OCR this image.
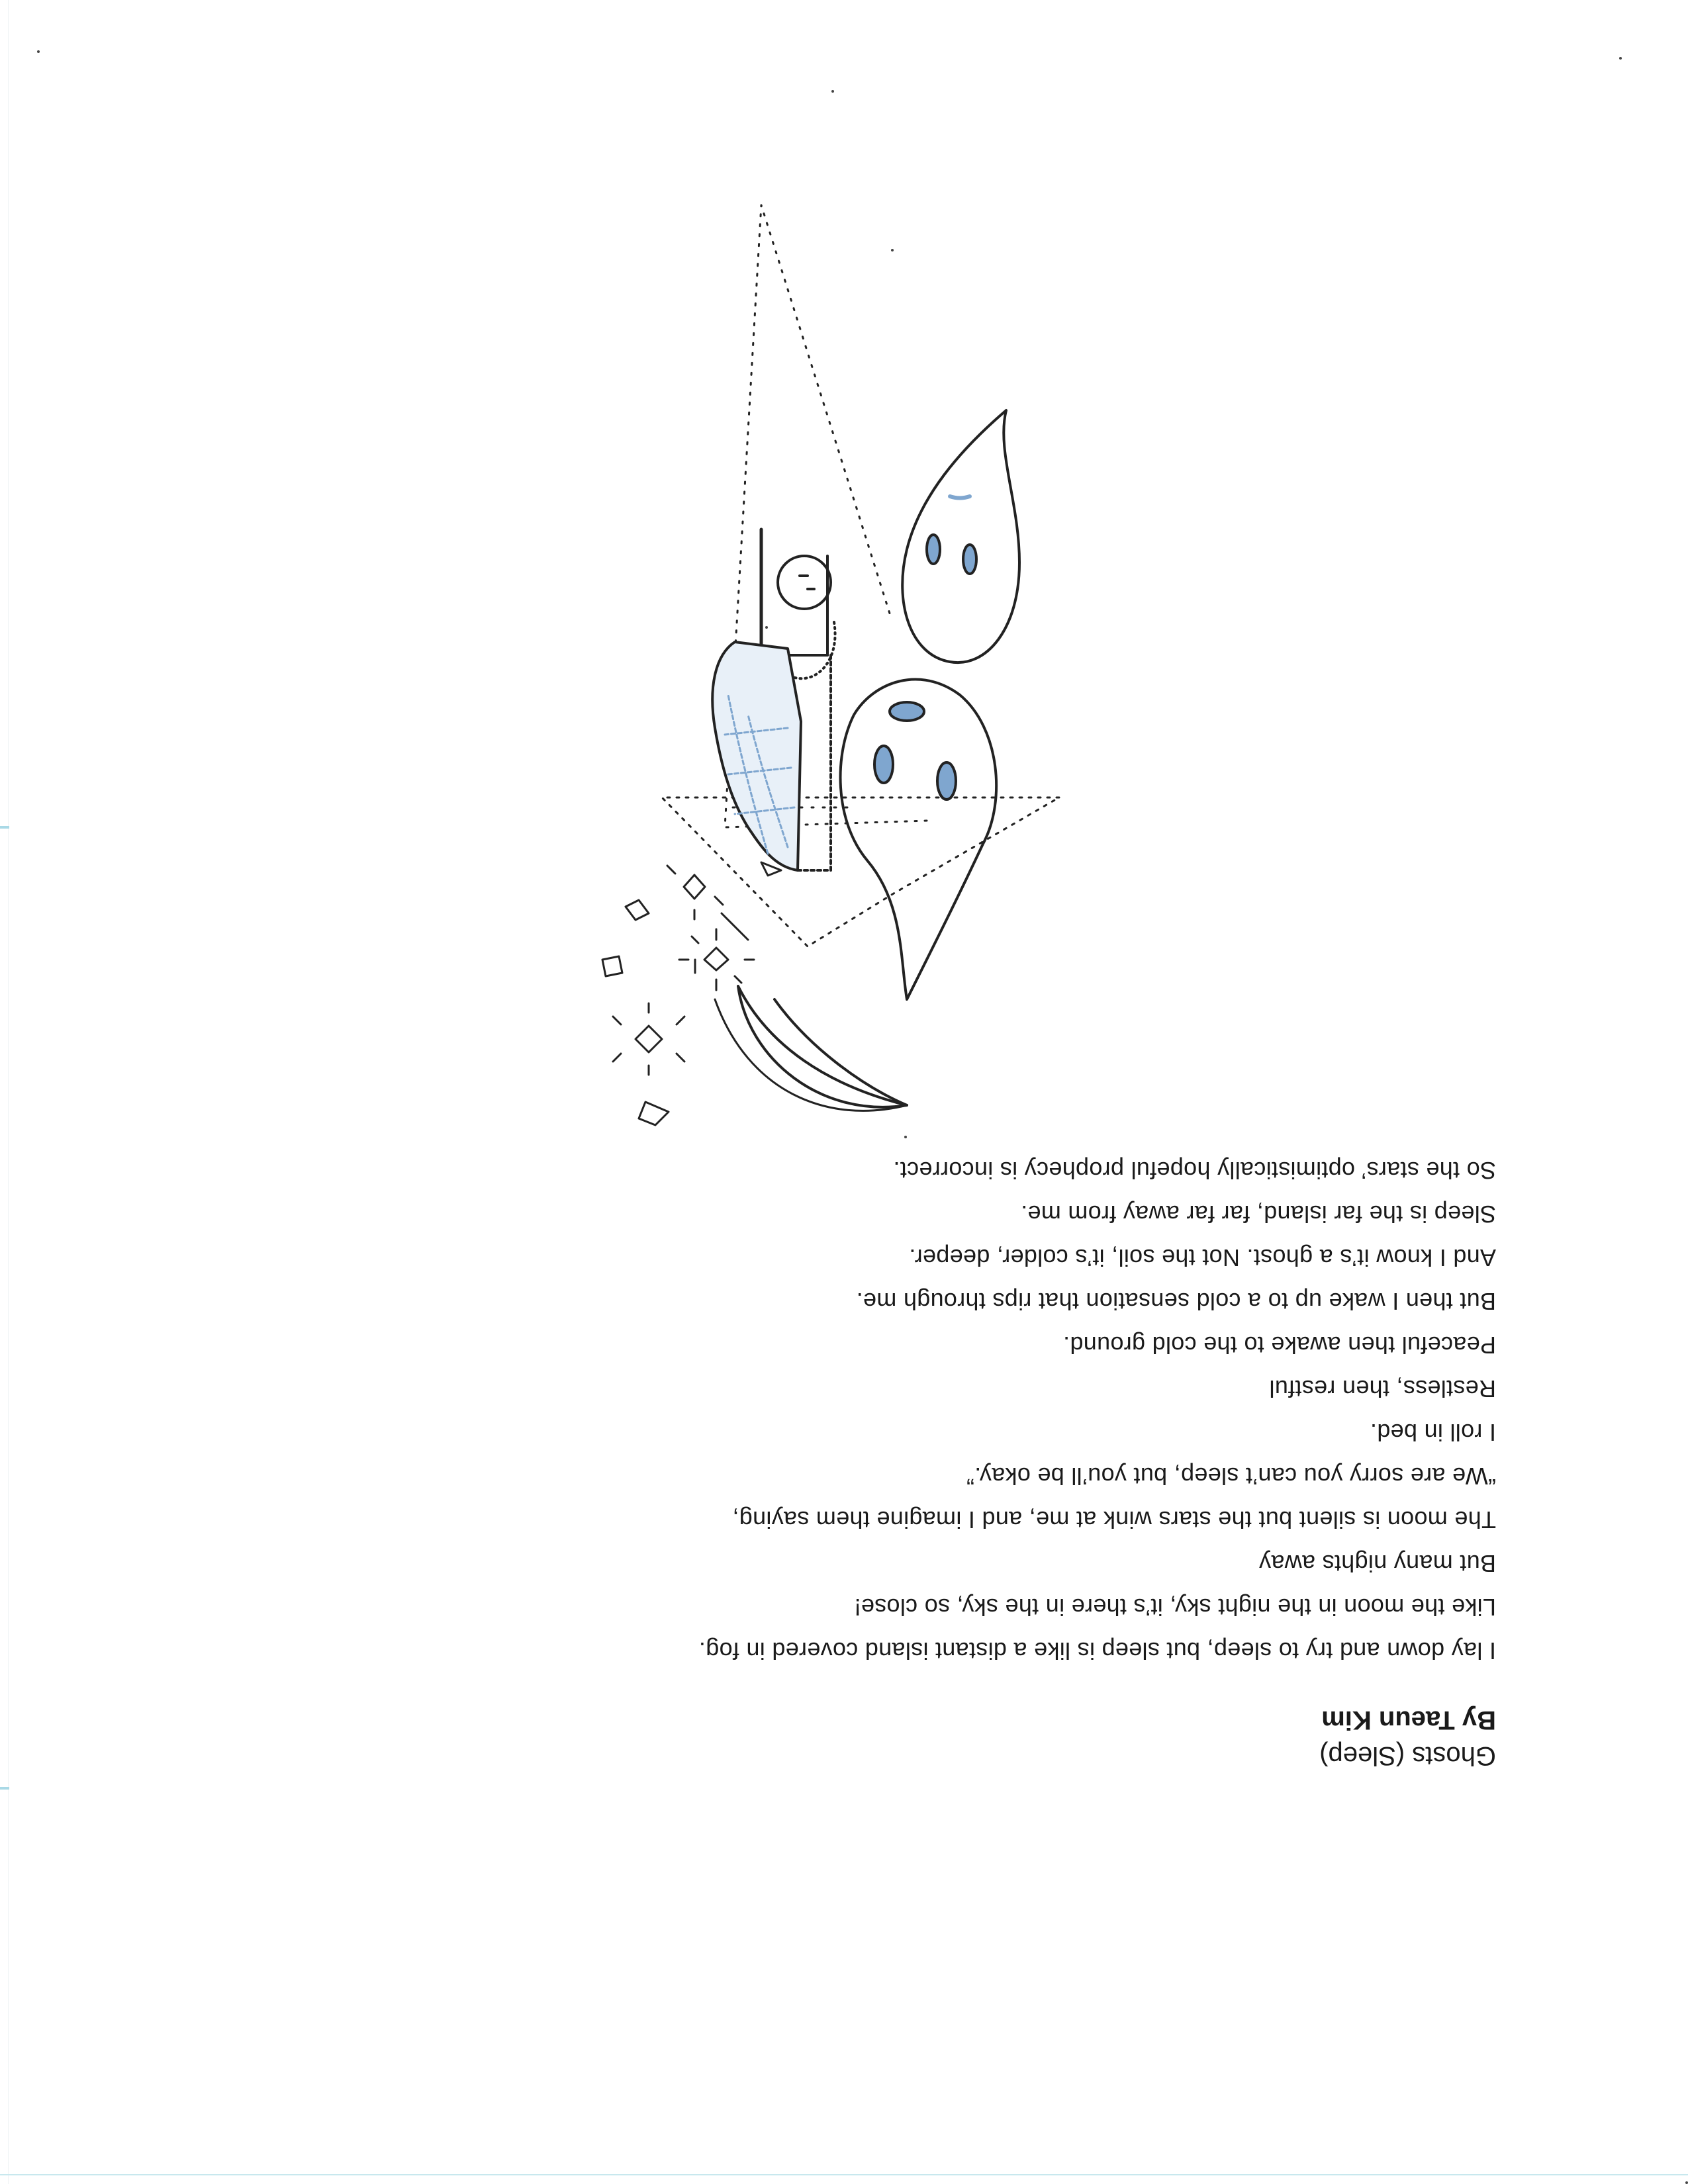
Ghosts (Sleep)

By Taeun Kim

I lay down and try to sleep, but sleep is like a distant island covered in fog.

Like the moon in the night sky, it’s there in the sky, so close!

But many nights away

The moon is silent but the stars wink at me, and I imagine them saying,

“We are sorry you can’t sleep, but you’ll be okay.”

I roll in bed.

Restless, then restful

Peaceful then awake to the cold ground.

But then I wake up to a cold sensation that rips through me.

And I know it’s a ghost. Not the soil, it’s colder, deeper.

Sleep is the far island, far far away from me.

So the stars’ optimistically hopeful prophecy is incorrect.
